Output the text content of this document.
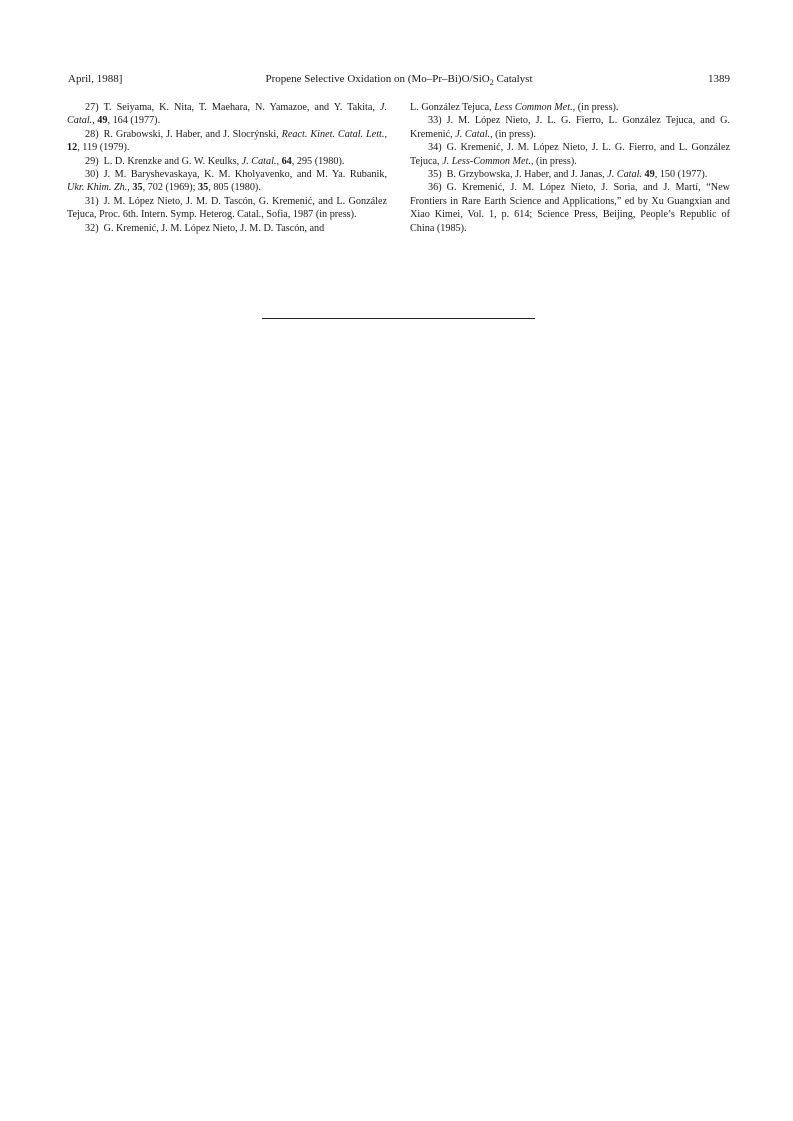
April, 1988]	Propene Selective Oxidation on (Mo–Pr–Bi)O/SiO$_2$ Catalyst	1389

27) T. Seiyama, K. Nita, T. Maehara, N. Yamazoe, and Y. Takita, J. Catal., 49, 164 (1977).

28) R. Grabowski, J. Haber, and J. Slocrýnski, React. Kinet. Catal. Lett., 12, 119 (1979).

29) L. D. Krenzke and G. W. Keulks, J. Catal., 64, 295 (1980).

30) J. M. Baryshevaskaya, K. M. Kholyavenko, and M. Ya. Rubanik, Ukr. Khim. Zh., 35, 702 (1969); 35, 805 (1980).

31) J. M. López Nieto, J. M. D. Tascón, G. Kremenić, and L. González Tejuca, Proc. 6th. Intern. Symp. Heterog. Catal., Sofia, 1987 (in press).

32) G. Kremenić, J. M. López Nieto, J. M. D. Tascón, and

L. González Tejuca, Less Common Met., (in press).

33) J. M. López Nieto, J. L. G. Fierro, L. González Tejuca, and G. Kremenić, J. Catal., (in press).

34) G. Kremenić, J. M. López Nieto, J. L. G. Fierro, and L. González Tejuca, J. Less-Common Met., (in press).

35) B. Grzybowska, J. Haber, and J. Janas, J. Catal. 49, 150 (1977).

36) G. Kremenić, J. M. López Nieto, J. Soria, and J. Martí, “New Frontiers in Rare Earth Science and Applications,” ed by Xu Guangxian and Xiao Kimei, Vol. 1, p. 614; Science Press, Beijing, People’s Republic of China (1985).
